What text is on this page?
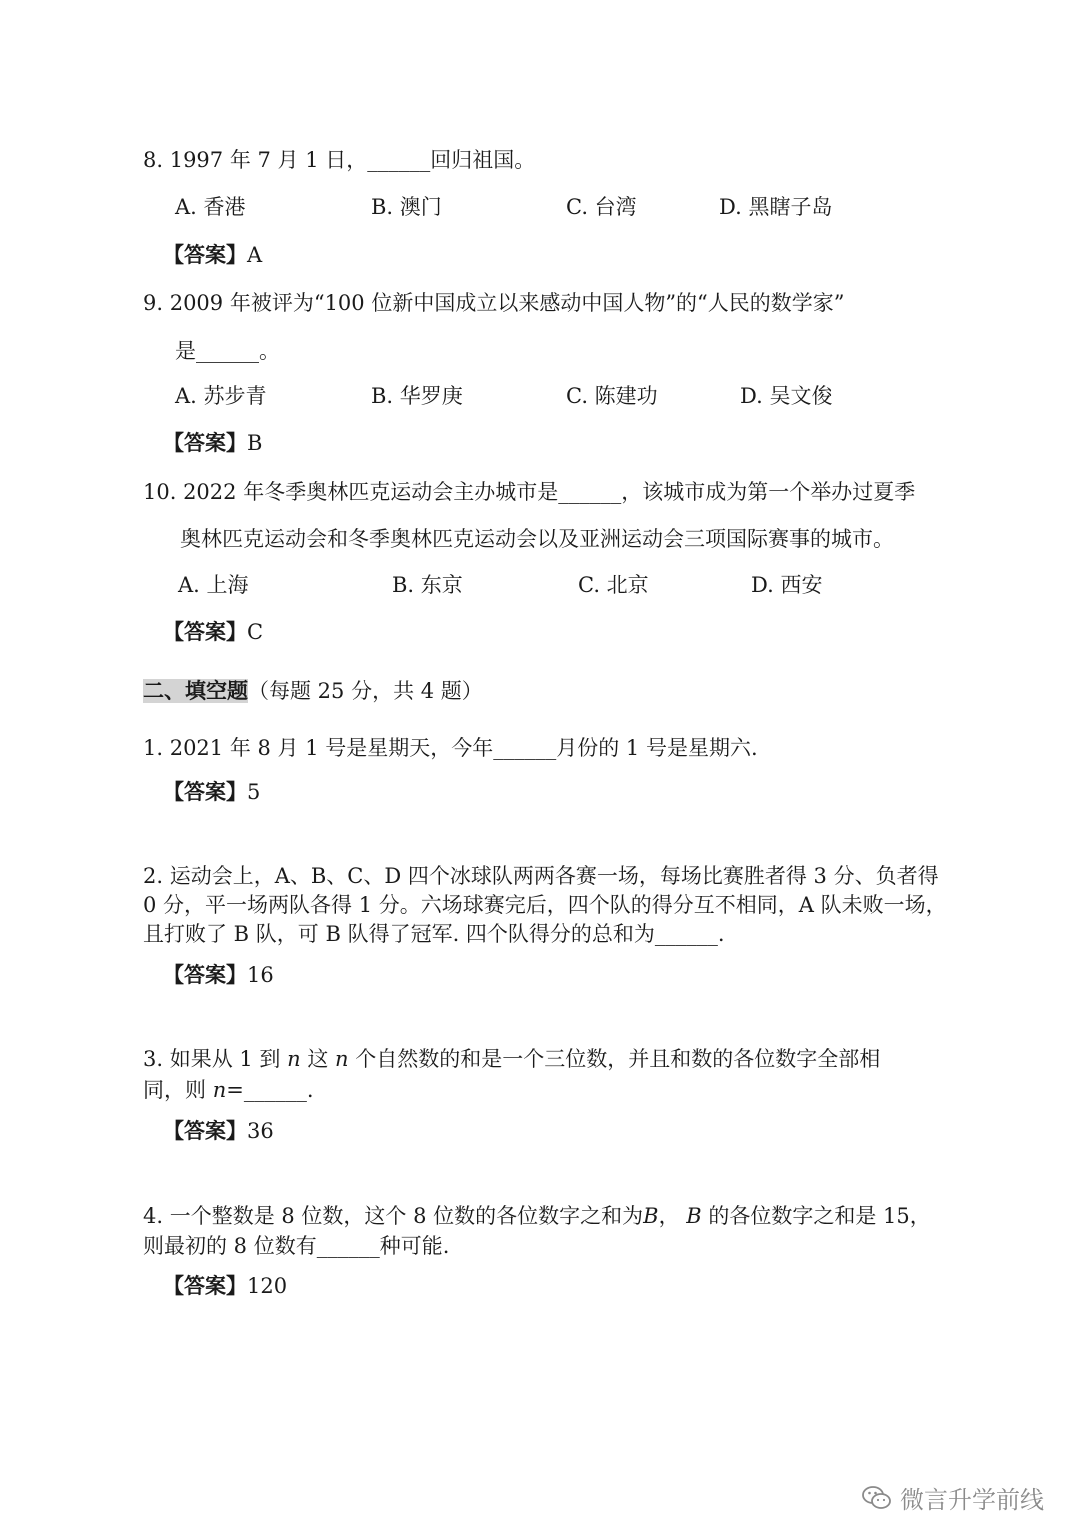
8. 1997 年 7 月 1 日，______回归祖国。
A. 香港	B. 澳门	C. 台湾	D. 黑瞎子岛
【答案】A
9. 2009 年被评为“100 位新中国成立以来感动中国人物”的“人民的数学家”
是______。
A. 苏步青	B. 华罗庚	C. 陈建功	D. 吴文俊
【答案】B
10. 2022 年冬季奥林匹克运动会主办城市是______，该城市成为第一个举办过夏季
奥林匹克运动会和冬季奥林匹克运动会以及亚洲运动会三项国际赛事的城市。
A. 上海	B. 东京	C. 北京	D. 西安
【答案】C
二、填空题（每题 25 分，共 4 题）
1. 2021 年 8 月 1 号是星期天，今年______月份的 1 号是星期六.
【答案】5
2. 运动会上，A、B、C、D 四个冰球队两两各赛一场，每场比赛胜者得 3 分、负者得
0 分，平一场两队各得 1 分。六场球赛完后，四个队的得分互不相同，A 队未败一场，
且打败了 B 队，可 B 队得了冠军. 四个队得分的总和为______.
【答案】16
3. 如果从 1 到 n 这 n 个自然数的和是一个三位数，并且和数的各位数字全部相
同，则 n=______.
【答案】36
4. 一个整数是 8 位数，这个 8 位数的各位数字之和为B， B 的各位数字之和是 15，
则最初的 8 位数有______种可能.
【答案】120
微言升学前线
